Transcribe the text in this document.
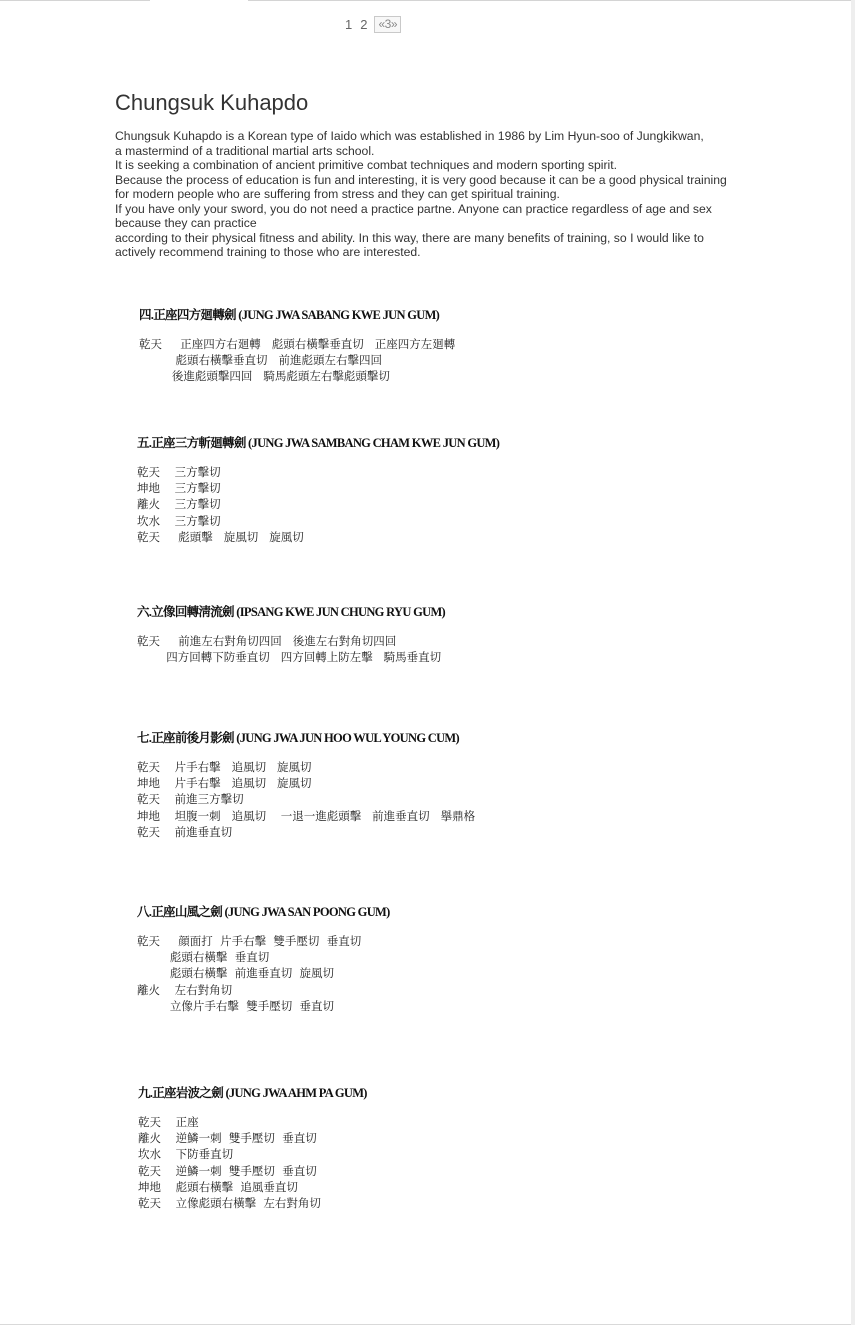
1 2 «3»
Chungsuk Kuhapdo

Chungsuk Kuhapdo is a Korean type of Iaido which was established in 1986 by Lim Hyun-soo of Jungkikwan,

a mastermind of a traditional martial arts school.

It is seeking a combination of ancient primitive combat techniques and modern sporting spirit.

Because the process of education is fun and interesting, it is very good because it can be a good physical training

for modern people who are suffering from stress and they can get spiritual training.

If you have only your sword, you do not need a practice partne. Anyone can practice regardless of age and sex

because they can practice

according to their physical fitness and ability. In this way, there are many benefits of training, so I would like to

actively recommend training to those who are interested.

四.正座四方廻轉劍 (JUNG JWA SABANG KWE JUN GUM)
乾天     正座四方右廻轉   彪頭右橫擊垂直切   正座四方左廻轉
彪頭右橫擊垂直切   前進彪頭左右擊四回
後進彪頭擊四回   騎馬彪頭左右擊彪頭擊切
五.正座三方斬廻轉劍 (JUNG JWA SAMBANG CHAM KWE JUN GUM)
乾天    三方擊切
坤地    三方擊切
離火    三方擊切
坎水    三方擊切
乾天     彪頭擊   旋風切   旋風切
六.立像回轉淸流劍 (IPSANG KWE JUN CHUNG RYU GUM)
乾天     前進左右對角切四回   後進左右對角切四回
四方回轉下防垂直切   四方回轉上防左擊   騎馬垂直切
七.正座前後月影劍 (JUNG JWA JUN HOO WUL YOUNG CUM)
乾天    片手右擊   追風切   旋風切
坤地    片手右擊   追風切   旋風切
乾天    前進三方擊切
坤地    坦腹一刺   追風切    一退一進彪頭擊   前進垂直切   擧鼎格
乾天    前進垂直切
八.正座山風之劍 (JUNG JWA SAN POONG GUM)
乾天     顔面打  片手右擊  雙手壓切  垂直切
彪頭右橫擊  垂直切
彪頭右橫擊  前進垂直切  旋風切
離火    左右對角切
立像片手右擊  雙手壓切  垂直切
九.正座岩波之劍 (JUNG JWA AHM PA GUM)
乾天    正座
離火    逆鱗一刺  雙手壓切  垂直切
坎水    下防垂直切
乾天    逆鱗一刺  雙手壓切  垂直切
坤地    彪頭右橫擊  追風垂直切
乾天    立像彪頭右橫擊  左右對角切
